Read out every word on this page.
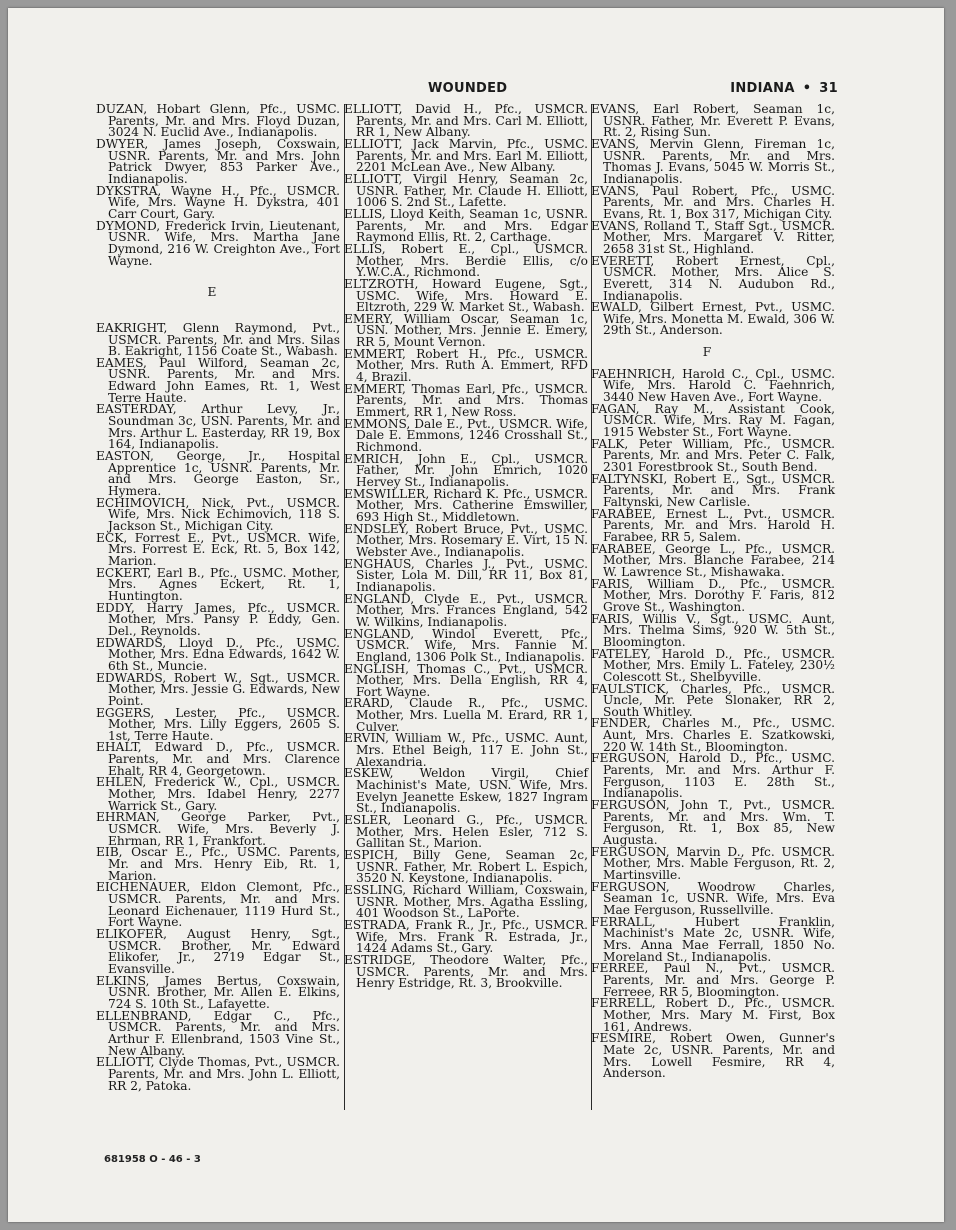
WOUNDED	INDIANA • 31

DUZAN, Hobart Glenn, Pfc., USMC. Parents, Mr. and Mrs. Floyd Duzan, 3024 N. Euclid Ave., Indianapolis.

DWYER, James Joseph, Coxswain, USNR. Parents, Mr. and Mrs. John Patrick Dwyer, 853 Parker Ave., Indianapolis.

DYKSTRA, Wayne H., Pfc., USMCR. Wife, Mrs. Wayne H. Dykstra, 401 Carr Court, Gary.

DYMOND, Frederick Irvin, Lieutenant, USNR. Wife, Mrs. Martha Jane Dymond, 216 W. Creighton Ave., Fort Wayne.

E

EAKRIGHT, Glenn Raymond, Pvt., USMCR. Parents, Mr. and Mrs. Silas B. Eakright, 1156 Coate St., Wabash.

EAMES, Paul Wilford, Seaman 2c, USNR. Parents, Mr. and Mrs. Edward John Eames, Rt. 1, West Terre Haute.

EASTERDAY, Arthur Levy, Jr., Soundman 3c, USN. Parents, Mr. and Mrs. Arthur L. Easterday, RR 19, Box 164, Indianapolis.

EASTON, George, Jr., Hospital Apprentice 1c, USNR. Parents, Mr. and Mrs. George Easton, Sr., Hymera.

ECHIMOVICH, Nick, Pvt., USMCR. Wife, Mrs. Nick Echimovich, 118 S. Jackson St., Michigan City.

ECK, Forrest E., Pvt., USMCR. Wife, Mrs. Forrest E. Eck, Rt. 5, Box 142, Marion.

ECKERT, Earl B., Pfc., USMC. Mother, Mrs. Agnes Eckert, Rt. 1, Huntington.

EDDY, Harry James, Pfc., USMCR. Mother, Mrs. Pansy P. Eddy, Gen. Del., Reynolds.

EDWARDS, Lloyd D., Pfc., USMC. Mother, Mrs. Edna Edwards, 1642 W. 6th St., Muncie.

EDWARDS, Robert W., Sgt., USMCR. Mother, Mrs. Jessie G. Edwards, New Point.

EGGERS, Lester, Pfc., USMCR. Mother, Mrs. Lilly Eggers, 2605 S. 1st, Terre Haute.

EHALT, Edward D., Pfc., USMCR. Parents, Mr. and Mrs. Clarence Ehalt, RR 4, Georgetown.

EHLEN, Frederick W., Cpl., USMCR. Mother, Mrs. Idabel Henry, 2277 Warrick St., Gary.

EHRMAN, George Parker, Pvt., USMCR. Wife, Mrs. Beverly J. Ehrman, RR 1, Frankfort.

EIB, Oscar E., Pfc., USMC. Parents, Mr. and Mrs. Henry Eib, Rt. 1, Marion.

EICHENAUER, Eldon Clemont, Pfc., USMCR. Parents, Mr. and Mrs. Leonard Eichenauer, 1119 Hurd St., Fort Wayne.

ELIKOFER, August Henry, Sgt., USMCR. Brother, Mr. Edward Elikofer, Jr., 2719 Edgar St., Evansville.

ELKINS, James Bertus, Coxswain, USNR. Brother, Mr. Allen E. Elkins, 724 S. 10th St., Lafayette.

ELLENBRAND, Edgar C., Pfc., USMCR. Parents, Mr. and Mrs. Arthur F. Ellenbrand, 1503 Vine St., New Albany.

ELLIOTT, Clyde Thomas, Pvt., USMCR. Parents, Mr. and Mrs. John L. Elliott, RR 2, Patoka.

ELLIOTT, David H., Pfc., USMCR. Parents, Mr. and Mrs. Carl M. Elliott, RR 1, New Albany.

ELLIOTT, Jack Marvin, Pfc., USMC. Parents, Mr. and Mrs. Earl M. Elliott, 2201 McLean Ave., New Albany.

ELLIOTT, Virgil Henry, Seaman 2c, USNR. Father, Mr. Claude H. Elliott, 1006 S. 2nd St., Lafette.

ELLIS, Lloyd Keith, Seaman 1c, USNR. Parents, Mr. and Mrs. Edgar Raymond Ellis, Rt. 2, Carthage.

ELLIS, Robert E., Cpl., USMCR. Mother, Mrs. Berdie Ellis, c/o Y.W.C.A., Richmond.

ELTZROTH, Howard Eugene, Sgt., USMC. Wife, Mrs. Howard E. Eltzroth, 229 W. Market St., Wabash.

EMERY, William Oscar, Seaman 1c, USN. Mother, Mrs. Jennie E. Emery, RR 5, Mount Vernon.

EMMERT, Robert H., Pfc., USMCR. Mother, Mrs. Ruth A. Emmert, RFD 4, Brazil.

EMMERT, Thomas Earl, Pfc., USMCR. Parents, Mr. and Mrs. Thomas Emmert, RR 1, New Ross.

EMMONS, Dale E., Pvt., USMCR. Wife, Dale E. Emmons, 1246 Crosshall St., Richmond.

EMRICH, John E., Cpl., USMCR. Father, Mr. John Emrich, 1020 Hervey St., Indianapolis.

EMSWILLER, Richard K. Pfc., USMCR. Mother, Mrs. Catherine Emswiller, 693 High St., Middletown.

ENDSLEY, Robert Bruce, Pvt., USMC. Mother, Mrs. Rosemary E. Virt, 15 N. Webster Ave., Indianapolis.

ENGHAUS, Charles J., Pvt., USMC. Sister, Lola M. Dill, RR 11, Box 81, Indianapolis.

ENGLAND, Clyde E., Pvt., USMCR. Mother, Mrs. Frances England, 542 W. Wilkins, Indianapolis.

ENGLAND, Windol Everett, Pfc., USMCR. Wife, Mrs. Fannie M. England, 1306 Polk St., Indianapolis.

ENGLISH, Thomas C., Pvt., USMCR. Mother, Mrs. Della English, RR 4, Fort Wayne.

ERARD, Claude R., Pfc., USMC. Mother, Mrs. Luella M. Erard, RR 1, Culver.

ERVIN, William W., Pfc., USMC. Aunt, Mrs. Ethel Beigh, 117 E. John St., Alexandria.

ESKEW, Weldon Virgil, Chief Machinist's Mate, USN. Wife, Mrs. Evelyn Jeanette Eskew, 1827 Ingram St., Indianapolis.

ESLER, Leonard G., Pfc., USMCR. Mother, Mrs. Helen Esler, 712 S. Gallitan St., Marion.

ESPICH, Billy Gene, Seaman 2c, USNR. Father, Mr. Robert L. Espich, 3520 N. Keystone, Indianapolis.

ESSLING, Richard William, Coxswain, USNR. Mother, Mrs. Agatha Essling, 401 Woodson St., LaPorte.

ESTRADA, Frank R., Jr., Pfc., USMCR. Wife, Mrs. Frank R. Estrada, Jr., 1424 Adams St., Gary.

ESTRIDGE, Theodore Walter, Pfc., USMCR. Parents, Mr. and Mrs. Henry Estridge, Rt. 3, Brookville.

EVANS, Earl Robert, Seaman 1c, USNR. Father, Mr. Everett P. Evans, Rt. 2, Rising Sun.

EVANS, Mervin Glenn, Fireman 1c, USNR. Parents, Mr. and Mrs. Thomas J. Evans, 5045 W. Morris St., Indianapolis.

EVANS, Paul Robert, Pfc., USMC. Parents, Mr. and Mrs. Charles H. Evans, Rt. 1, Box 317, Michigan City.

EVANS, Rolland T., Staff Sgt., USMCR. Mother, Mrs. Margaret V. Ritter, 2658 31st St., Highland.

EVERETT, Robert Ernest, Cpl., USMCR. Mother, Mrs. Alice S. Everett, 314 N. Audubon Rd., Indianapolis.

EWALD, Gilbert Ernest, Pvt., USMC. Wife, Mrs. Monetta M. Ewald, 306 W. 29th St., Anderson.

F

FAEHNRICH, Harold C., Cpl., USMC. Wife, Mrs. Harold C. Faehnrich, 3440 New Haven Ave., Fort Wayne.

FAGAN, Ray M., Assistant Cook, USMCR. Wife, Mrs. Ray M. Fagan, 1915 Webster St., Fort Wayne.

FALK, Peter William, Pfc., USMCR. Parents, Mr. and Mrs. Peter C. Falk, 2301 Forestbrook St., South Bend.

FALTYNSKI, Robert E., Sgt., USMCR. Parents, Mr. and Mrs. Frank Faltynski, New Carlisle.

FARABEE, Ernest L., Pvt., USMCR. Parents, Mr. and Mrs. Harold H. Farabee, RR 5, Salem.

FARABEE, George L., Pfc., USMCR. Mother, Mrs. Blanche Farabee, 214 W. Lawrence St., Mishawaka.

FARIS, William D., Pfc., USMCR. Mother, Mrs. Dorothy F. Faris, 812 Grove St., Washington.

FARIS, Willis V., Sgt., USMC. Aunt, Mrs. Thelma Sims, 920 W. 5th St., Bloomington.

FATELEY, Harold D., Pfc., USMCR. Mother, Mrs. Emily L. Fateley, 230½ Colescott St., Shelbyville.

FAULSTICK, Charles, Pfc., USMCR. Uncle, Mr. Pete Slonaker, RR 2, South Whitley.

FENDER, Charles M., Pfc., USMC. Aunt, Mrs. Charles E. Szatkowski, 220 W. 14th St., Bloomington.

FERGUSON, Harold D., Pfc., USMC. Parents, Mr. and Mrs. Arthur F. Ferguson, 1103 E. 28th St., Indianapolis.

FERGUSON, John T., Pvt., USMCR. Parents, Mr. and Mrs. Wm. T. Ferguson, Rt. 1, Box 85, New Augusta.

FERGUSON, Marvin D., Pfc. USMCR. Mother, Mrs. Mable Ferguson, Rt. 2, Martinsville.

FERGUSON, Woodrow Charles, Seaman 1c, USNR. Wife, Mrs. Eva Mae Ferguson, Russellville.

FERRALL, Hubert Franklin, Machinist's Mate 2c, USNR. Wife, Mrs. Anna Mae Ferrall, 1850 No. Moreland St., Indianapolis.

FERREE, Paul N., Pvt., USMCR. Parents, Mr. and Mrs. George P. Ferreee, RR 5, Bloomington.

FERRELL, Robert D., Pfc., USMCR. Mother, Mrs. Mary M. First, Box 161, Andrews.

FESMIRE, Robert Owen, Gunner's Mate 2c, USNR. Parents, Mr. and Mrs. Lowell Fesmire, RR 4, Anderson.

681958 O - 46 - 3
